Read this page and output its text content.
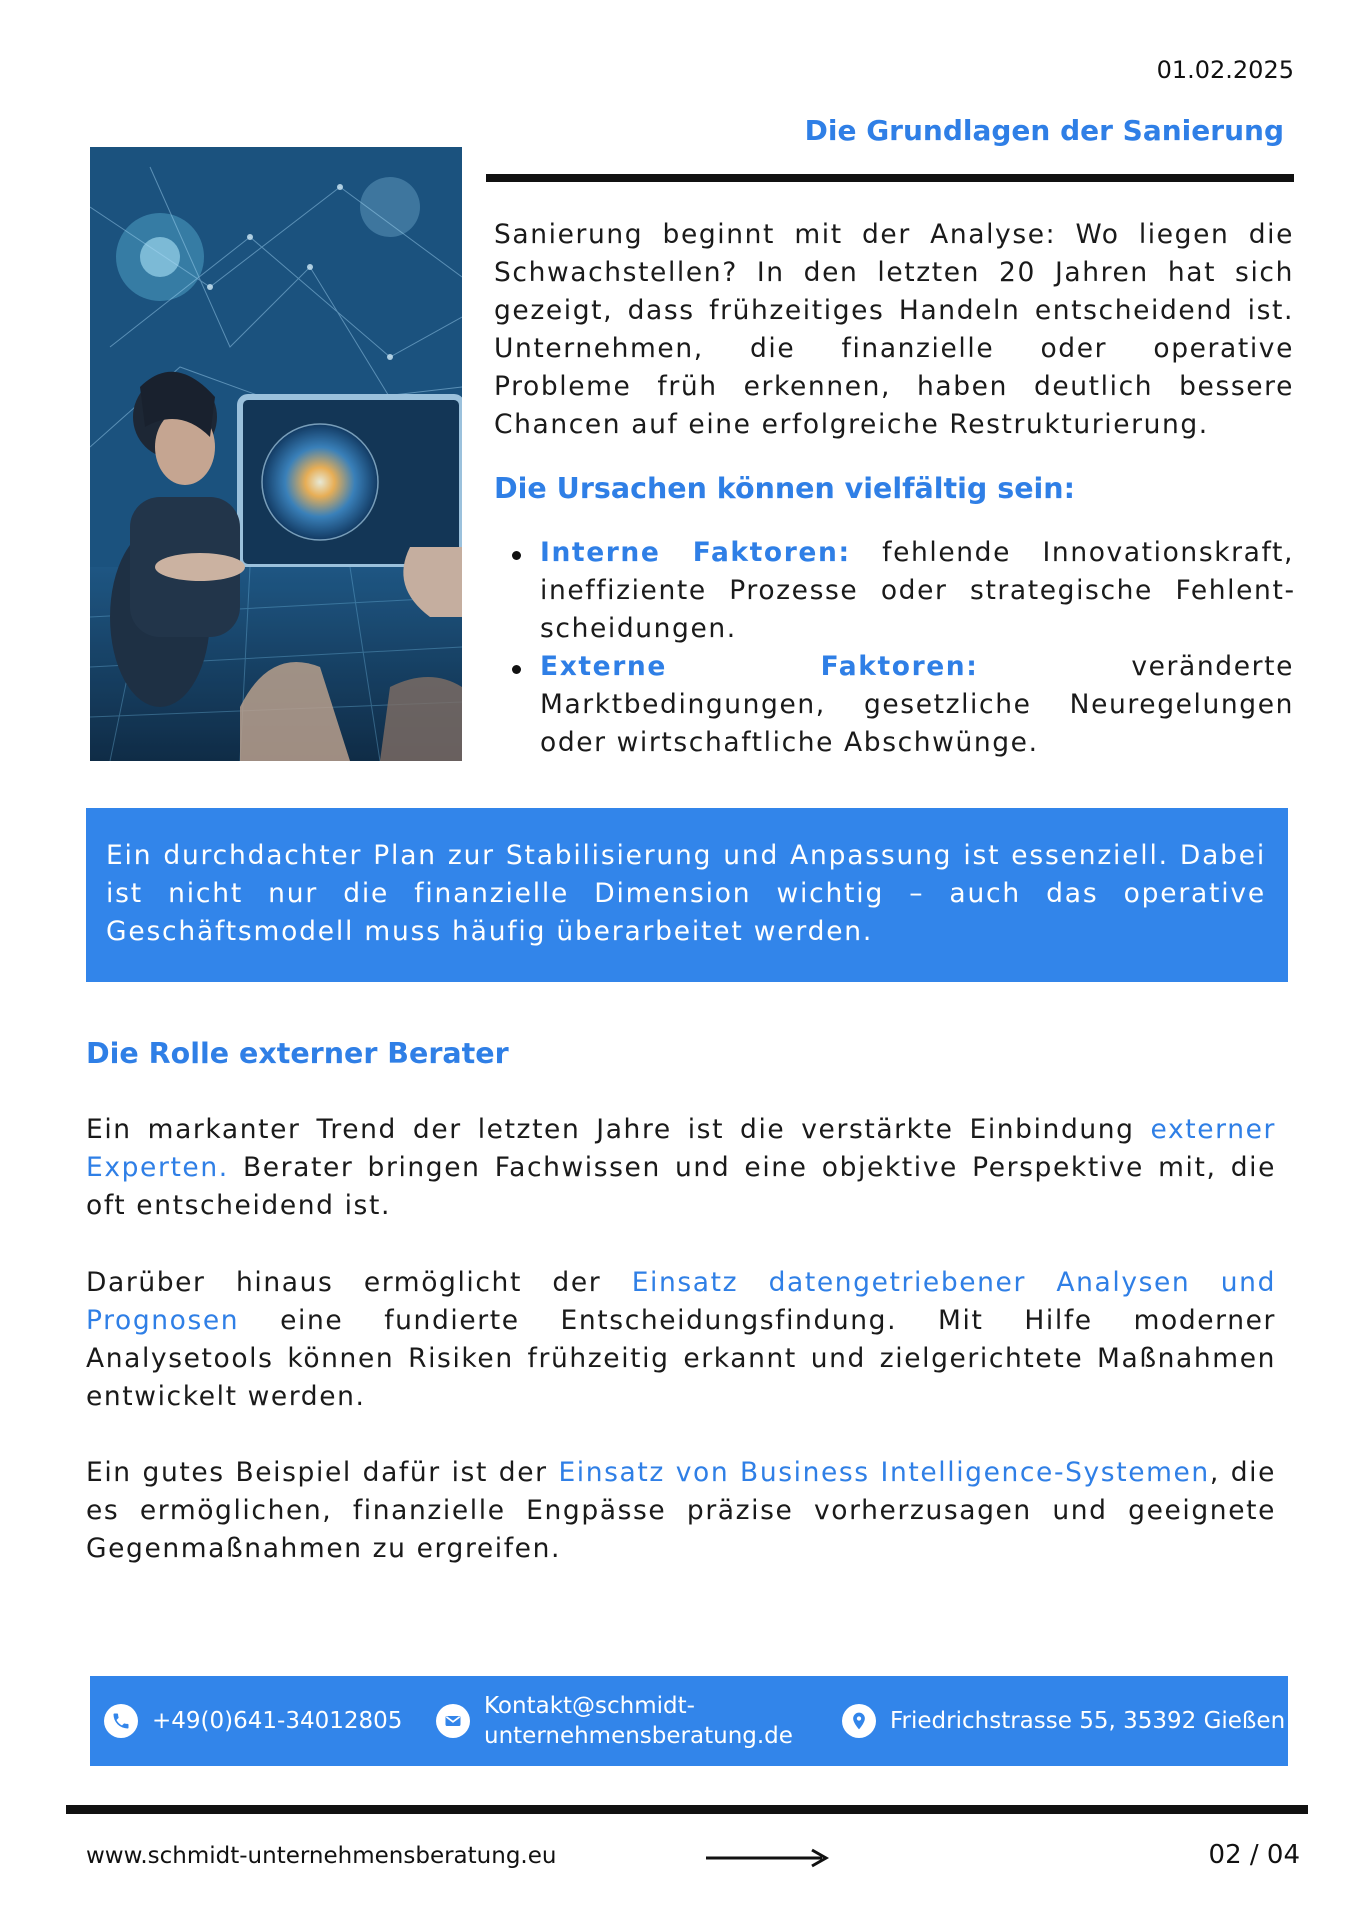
01.02.2025
Die Grundlagen der Sanierung
Sanierung beginnt mit der Analyse: Wo liegen die Schwachstellen? In den letzten 20 Jahren hat sich gezeigt, dass frühzeitiges Handeln entscheidend ist. Unternehmen, die finanzielle oder operative Probleme früh erkennen, haben deutlich bessere Chancen auf eine erfolgreiche Restrukturierung.
Die Ursachen können vielfältig sein:
Interne Faktoren: fehlende Innovationskraft, ineffiziente Prozesse oder strategische Fehlentscheidungen.
Externe Faktoren: veränderte Marktbedingungen, gesetzliche Neuregelungen oder wirtschaftliche Abschwünge.
Ein durchdachter Plan zur Stabilisierung und Anpassung ist essenziell. Dabei ist nicht nur die finanzielle Dimension wichtig – auch das operative Geschäftsmodell muss häufig überarbeitet werden.
Die Rolle externer Berater
Ein markanter Trend der letzten Jahre ist die verstärkte Einbindung externer Experten. Berater bringen Fachwissen und eine objektive Perspektive mit, die oft entscheidend ist.
Darüber hinaus ermöglicht der Einsatz datengetriebener Analysen und Prognosen eine fundierte Entscheidungsfindung. Mit Hilfe moderner Analysetools können Risiken frühzeitig erkannt und zielgerichtete Maßnahmen entwickelt werden.
Ein gutes Beispiel dafür ist der Einsatz von Business Intelligence-Systemen, die es ermöglichen, finanzielle Engpässe präzise vorherzusagen und geeignete Gegenmaßnahmen zu ergreifen.
+49(0)641-34012805
Kontakt@schmidt-
unternehmensberatung.de
Friedrichstrasse 55, 35392 Gießen
www.schmidt-unternehmensberatung.eu	02 / 04
